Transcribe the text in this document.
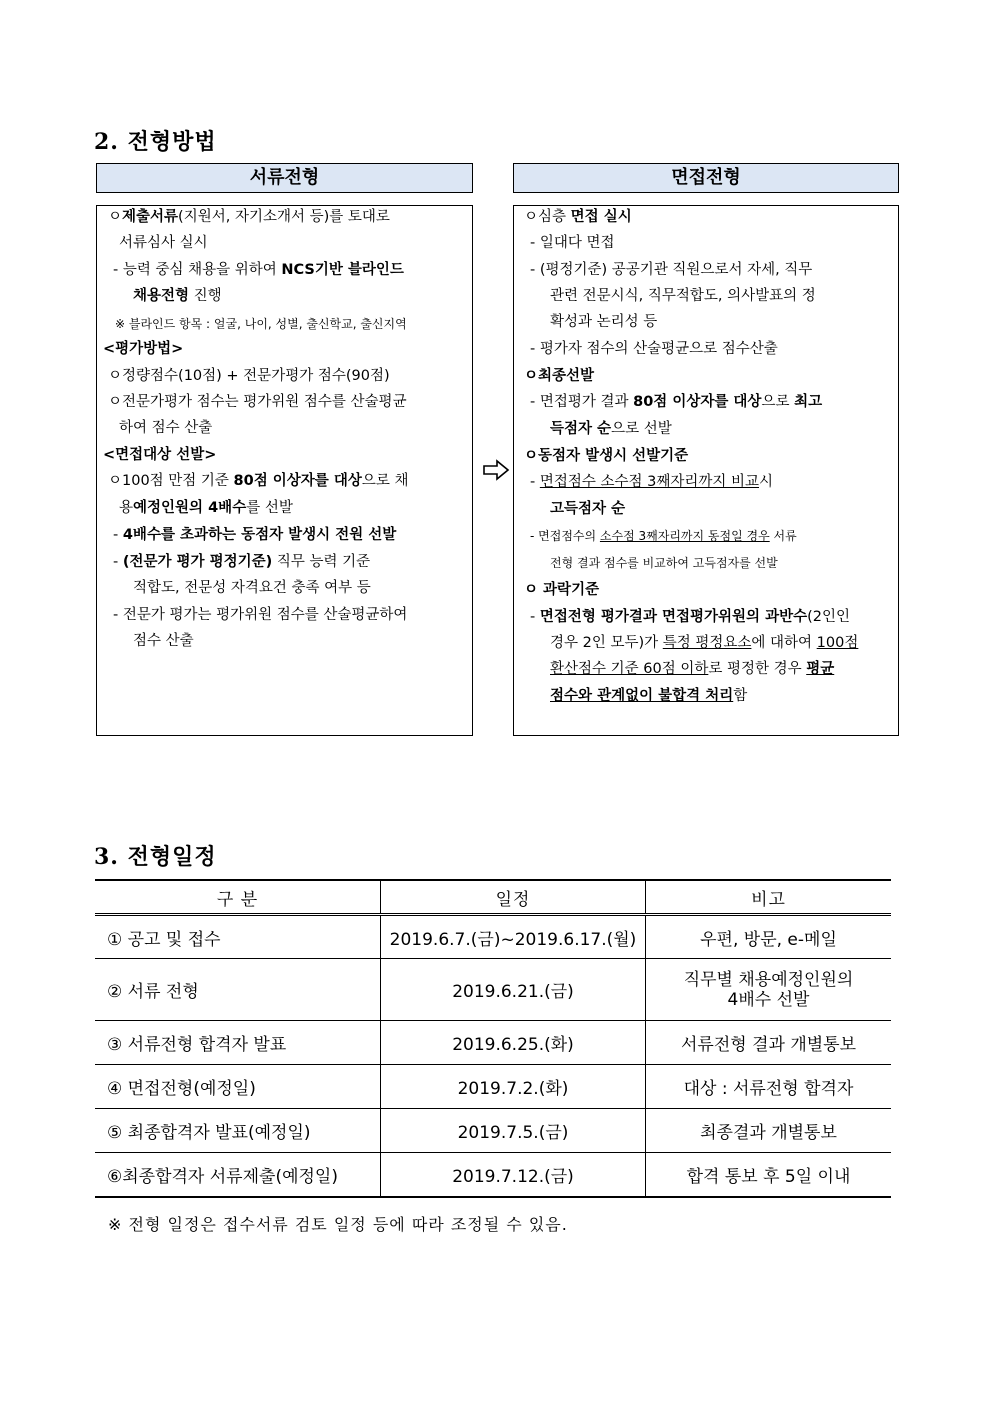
2. 전형방법
서류전형	면접전형
ㅇ제출서류(지원서, 자기소개서 등)를 토대로
서류심사 실시
- 능력 중심 채용을 위하여 NCS기반 블라인드
채용전형 진행
※ 블라인드 항목 : 얼굴, 나이, 성별, 출신학교, 출신지역
<평가방법>
ㅇ정량점수(10점) + 전문가평가 점수(90점)
ㅇ전문가평가 점수는 평가위원 점수를 산술평균
하여 점수 산출
<면접대상 선발>
ㅇ100점 만점 기준 80점 이상자를 대상으로 채
용예정인원의 4배수를 선발
- 4배수를 초과하는 동점자 발생시 전원 선발
- (전문가 평가 평정기준) 직무 능력 기준
적합도, 전문성 자격요건 충족 여부 등
- 전문가 평가는 평가위원 점수를 산술평균하여
점수 산출
ㅇ심층 면접 실시
- 일대다 면접
- (평정기준) 공공기관 직원으로서 자세, 직무
관련 전문시식, 직무적합도, 의사발표의 정
확성과 논리성 등
- 평가자 점수의 산술평균으로 점수산출
ㅇ최종선발
- 면접평가 결과 80점 이상자를 대상으로 최고
득점자 순으로 선발
ㅇ동점자 발생시 선발기준
- 면접점수 소수점 3째자리까지 비교시
고득점자 순
- 면접점수의 소수점 3째자리까지 동점일 경우 서류
전형 결과 점수를 비교하여 고득점자를 선발
ㅇ 과락기준
- 면접전형 평가결과 면접평가위원의 과반수(2인인
경우 2인 모두)가 특정 평정요소에 대하여 100점
환산점수 기준 60점 이하로 평정한 경우 평균
점수와 관계없이 불합격 처리함
3. 전형일정
구 분	일정	비고
① 공고 및 접수	2019.6.7.(금)~2019.6.17.(월)	우편, 방문, e-메일
② 서류 전형	2019.6.21.(금)	직무별 채용예정인원의
4배수 선발
③ 서류전형 합격자 발표	2019.6.25.(화)	서류전형 결과 개별통보
④ 면접전형(예정일)	2019.7.2.(화)	대상 : 서류전형 합격자
⑤ 최종합격자 발표(예정일)	2019.7.5.(금)	최종결과 개별통보
⑥최종합격자 서류제출(예정일)	2019.7.12.(금)	합격 통보 후 5일 이내
※ 전형 일정은 접수서류 검토 일정 등에 따라 조정될 수 있음.
